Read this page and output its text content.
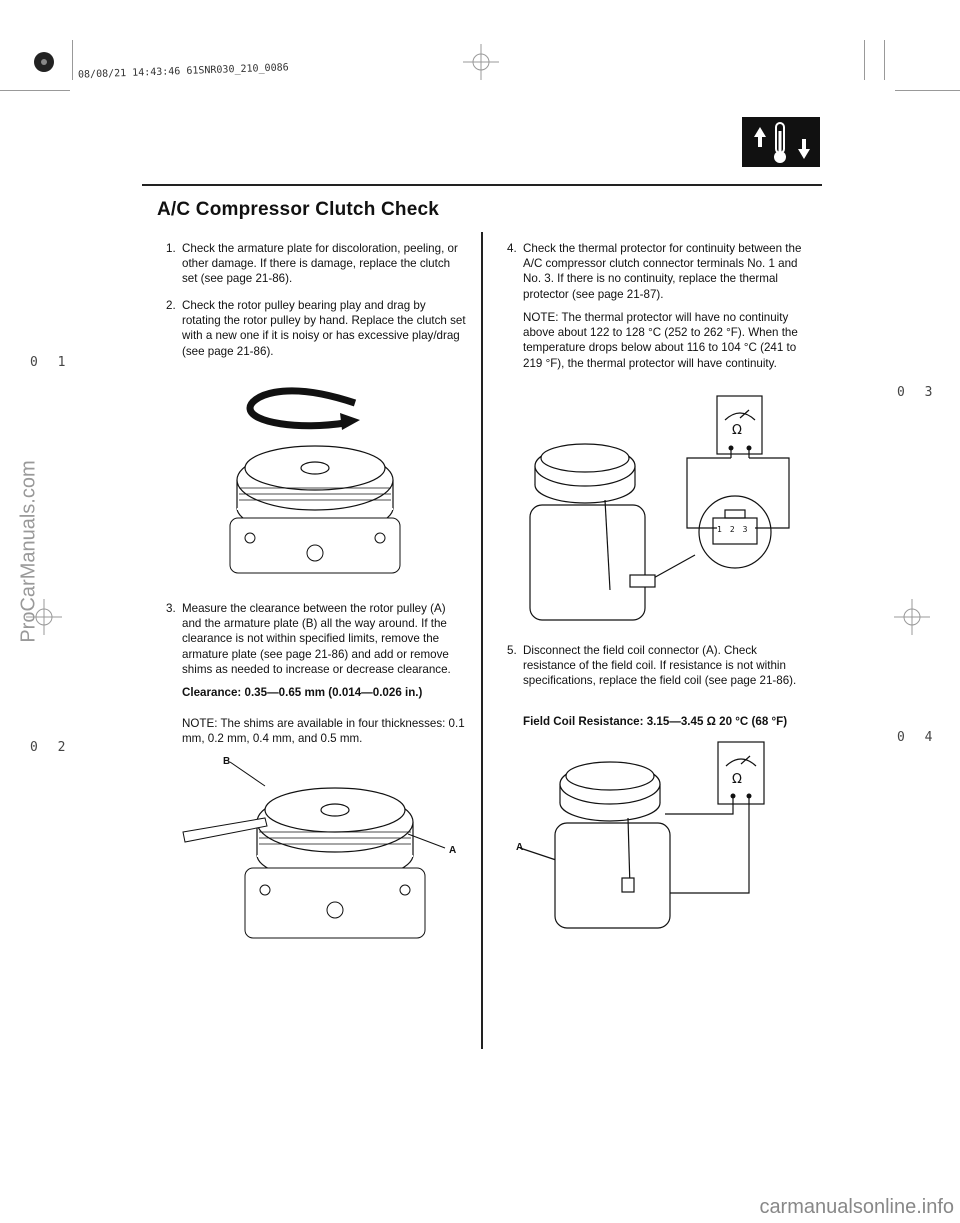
08/08/21 14:43:46 61SNR030_210_0086
A/C Compressor Clutch Check
1. Check the armature plate for discoloration, peeling, or other damage. If there is damage, replace the clutch set (see page 21-86).
2. Check the rotor pulley bearing play and drag by rotating the rotor pulley by hand. Replace the clutch set with a new one if it is noisy or has excessive play/drag (see page 21-86).
3. Measure the clearance between the rotor pulley (A) and the armature plate (B) all the way around. If the clearance is not within specified limits, remove the armature plate (see page 21-86) and add or remove shims as needed to increase or decrease clearance.
Clearance: 0.35—0.65 mm (0.014—0.026 in.)
NOTE: The shims are available in four thicknesses: 0.1 mm, 0.2 mm, 0.4 mm, and 0.5 mm.
B
A
4. Check the thermal protector for continuity between the A/C compressor clutch connector terminals No. 1 and No. 3. If there is no continuity, replace the thermal protector (see page 21-87).
NOTE: The thermal protector will have no continuity above about 122 to 128 °C (252 to 262 °F). When the temperature drops below about 116 to 104 °C (241 to 219 °F), the thermal protector will have continuity.
Ω
123
5. Disconnect the field coil connector (A). Check resistance of the field coil. If resistance is not within specifications, replace the field coil (see page 21-86).
Field Coil Resistance: 3.15—3.45 Ω 20 °C (68 °F)
Ω
A
0 1
0 2
0 3
0 4
ProCarManuals.com
carmanualsonline.info
